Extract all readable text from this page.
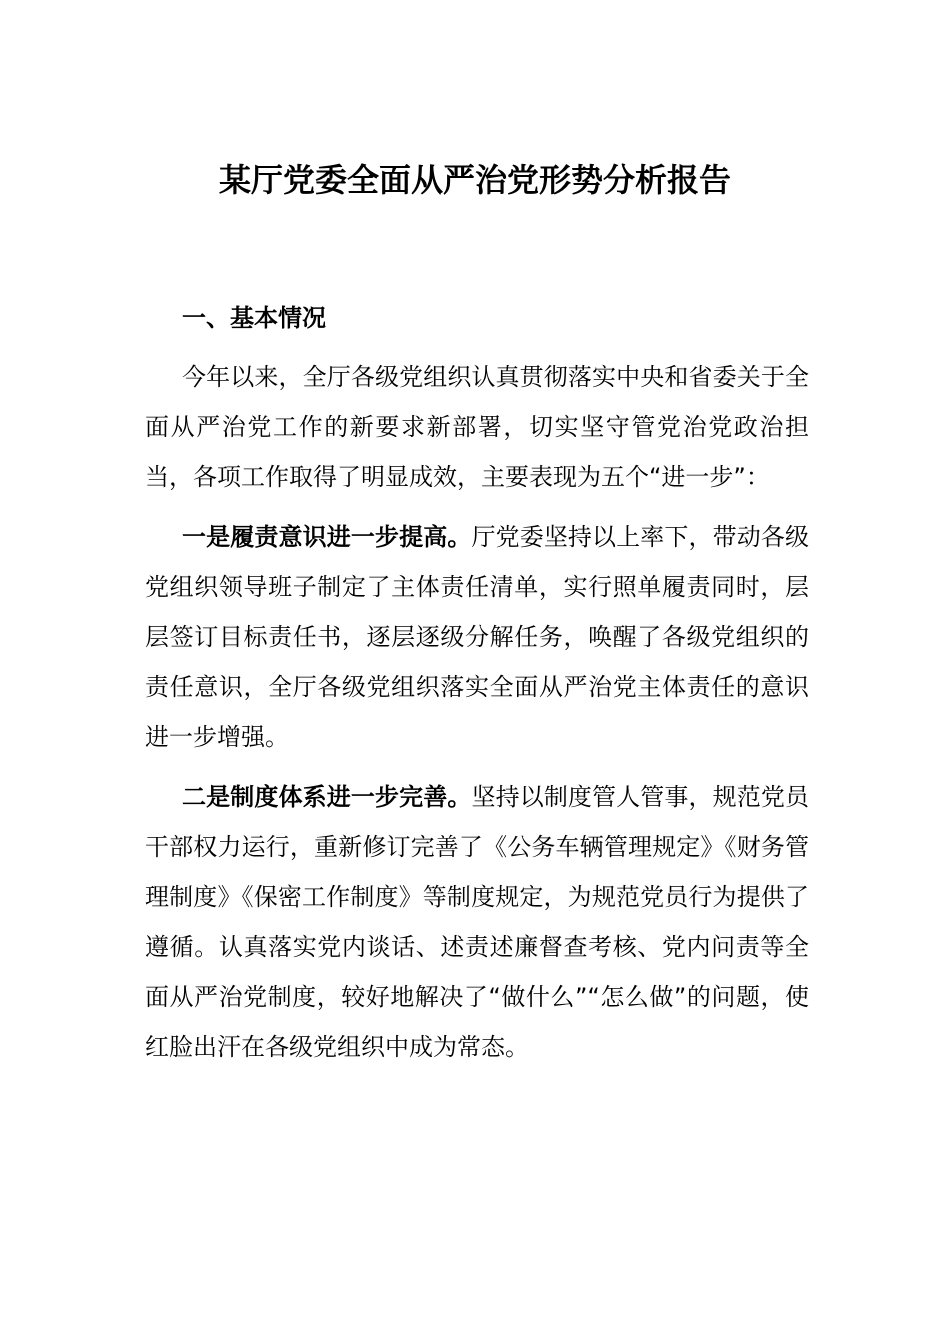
某厅党委全面从严治党形势分析报告

一、基本情况

今年以来，全厅各级党组织认真贯彻落实中央和省委关于全面从严治党工作的新要求新部署，切实坚守管党治党政治担当，各项工作取得了明显成效，主要表现为五个“进一步”：

一是履责意识进一步提高。厅党委坚持以上率下，带动各级党组织领导班子制定了主体责任清单，实行照单履责同时，层层签订目标责任书，逐层逐级分解任务，唤醒了各级党组织的责任意识，全厅各级党组织落实全面从严治党主体责任的意识进一步增强。

二是制度体系进一步完善。坚持以制度管人管事，规范党员干部权力运行，重新修订完善了《公务车辆管理规定》《财务管理制度》《保密工作制度》等制度规定，为规范党员行为提供了遵循。认真落实党内谈话、述责述廉督查考核、党内问责等全面从严治党制度，较好地解决了“做什么”“怎么做”的问题，使红脸出汗在各级党组织中成为常态。
